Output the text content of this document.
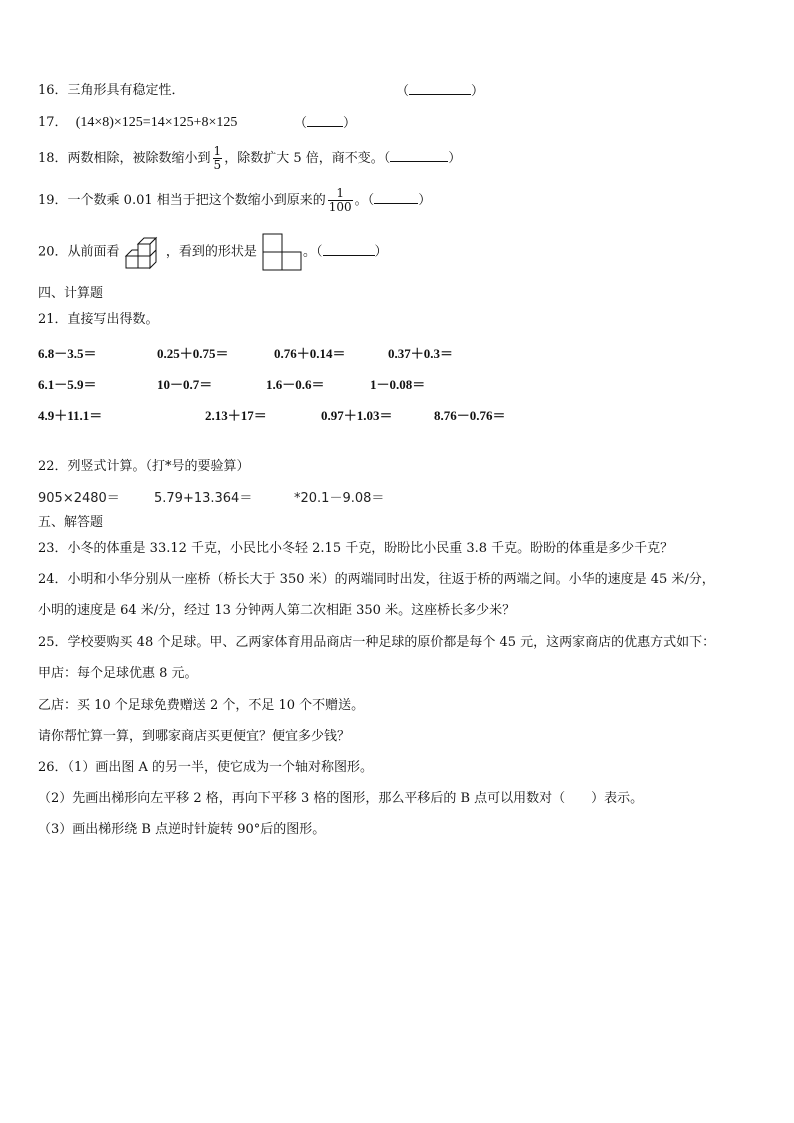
16．三角形具有稳定性．	（	）
17． (14×8)×125=14×125+8×125	（	）
18．两数相除，被除数缩小到 $\frac{1}{5}$ ，除数扩大 5 倍，商不变。（	）
19．一个数乘 0.01 相当于把这个数缩小到原来的 $\frac{1}{100}$ 。（	）
20．从前面看	，看到的形状是	。（	）
四、计算题
21．直接写出得数。
6.8－3.5＝	0.25＋0.75＝	0.76＋0.14＝	0.37＋0.3＝
6.1－5.9＝	10－0.7＝	1.6－0.6＝	1－0.08＝
4.9＋11.1＝	2.13＋17＝	0.97＋1.03＝	8.76－0.76＝
22．列竖式计算。（打*号的要验算）
905×2480＝	5.79+13.364＝	*20.1－9.08＝
五、解答题
23．小冬的体重是 33.12 千克，小民比小冬轻 2.15 千克，盼盼比小民重 3.8 千克。盼盼的体重是多少千克？
24．小明和小华分别从一座桥（桥长大于 350 米）的两端同时出发，往返于桥的两端之间。小华的速度是 45 米/分，
小明的速度是 64 米/分，经过 13 分钟两人第二次相距 350 米。这座桥长多少米？
25．学校要购买 48 个足球。甲、乙两家体育用品商店一种足球的原价都是每个 45 元，这两家商店的优惠方式如下：
甲店：每个足球优惠 8 元。
乙店：买 10 个足球免费赠送 2 个，不足 10 个不赠送。
请你帮忙算一算，到哪家商店买更便宜？便宜多少钱？
26．（1）画出图 A 的另一半，使它成为一个轴对称图形。
（2）先画出梯形向左平移 2 格，再向下平移 3 格的图形，那么平移后的 B 点可以用数对（　　）表示。
（3）画出梯形绕 B 点逆时针旋转 90°后的图形。
